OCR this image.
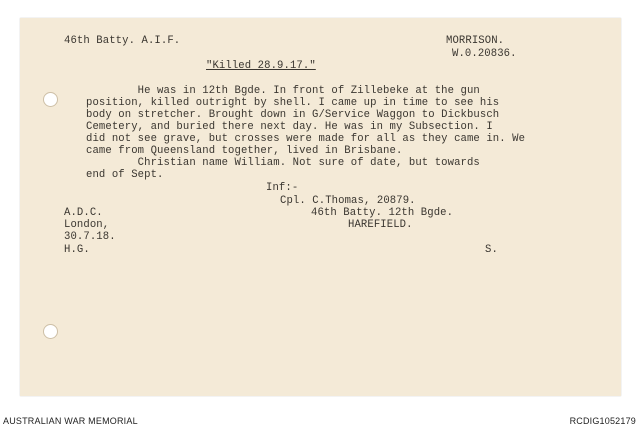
46th Batty. A.I.F.	MORRISON.

W.0.20836.

"Killed 28.9.17."

He was in 12th Bgde. In front of Zillebeke at the gun

position, killed outright by shell. I came up in time to see his

body on stretcher. Brought down in G/Service Waggon to Dickbusch

Cemetery, and buried there next day. He was in my Subsection. I

did not see grave, but crosses were made for all as they came in. We

came from Queensland together, lived in Brisbane.

Christian name William. Not sure of date, but towards

end of Sept.

Inf:-

Cpl. C.Thomas, 20879.

A.D.C.	46th Batty. 12th Bgde.

London,	HAREFIELD.

30.7.18.

H.G.	S.

AUSTRALIAN WAR MEMORIAL	RCDIG1052179
